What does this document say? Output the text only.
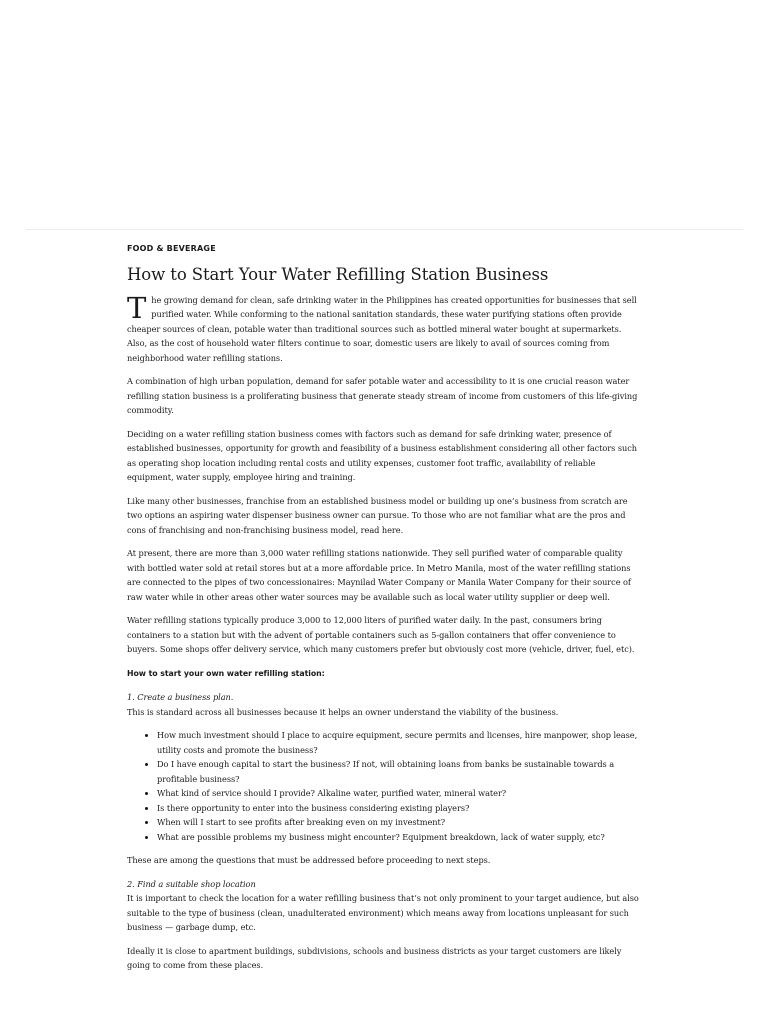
FOOD & BEVERAGE
How to Start Your Water Refilling Station Business

The growing demand for clean, safe drinking water in the Philippines has created opportunities for businesses that sell purified water. While conforming to the national sanitation standards, these water purifying stations often provide cheaper sources of clean, potable water than traditional sources such as bottled mineral water bought at supermarkets. Also, as the cost of household water filters continue to soar, domestic users are likely to avail of sources coming from neighborhood water refilling stations.

A combination of high urban population, demand for safer potable water and accessibility to it is one crucial reason water refilling station business is a proliferating business that generate steady stream of income from customers of this life-giving commodity.

Deciding on a water refilling station business comes with factors such as demand for safe drinking water, presence of established businesses, opportunity for growth and feasibility of a business establishment considering all other factors such as operating shop location including rental costs and utility expenses, customer foot traffic, availability of reliable equipment, water supply, employee hiring and training.

Like many other businesses, franchise from an established business model or building up one’s business from scratch are two options an aspiring water dispenser business owner can pursue. To those who are not familiar what are the pros and cons of franchising and non-franchising business model, read here.

At present, there are more than 3,000 water refilling stations nationwide. They sell purified water of comparable quality with bottled water sold at retail stores but at a more affordable price. In Metro Manila, most of the water refilling stations are connected to the pipes of two concessionaires: Maynilad Water Company or Manila Water Company for their source of raw water while in other areas other water sources may be available such as local water utility supplier or deep well.

Water refilling stations typically produce 3,000 to 12,000 liters of purified water daily. In the past, consumers bring containers to a station but with the advent of portable containers such as 5-gallon containers that offer convenience to buyers. Some shops offer delivery service, which many customers prefer but obviously cost more (vehicle, driver, fuel, etc).

How to start your own water refilling station:

1. Create a business plan.
This is standard across all businesses because it helps an owner understand the viability of the business.

• How much investment should I place to acquire equipment, secure permits and licenses, hire manpower, shop lease, utility costs and promote the business?
• Do I have enough capital to start the business? If not, will obtaining loans from banks be sustainable towards a profitable business?
• What kind of service should I provide? Alkaline water, purified water, mineral water?
• Is there opportunity to enter into the business considering existing players?
• When will I start to see profits after breaking even on my investment?
• What are possible problems my business might encounter? Equipment breakdown, lack of water supply, etc?

These are among the questions that must be addressed before proceeding to next steps.

2. Find a suitable shop location
It is important to check the location for a water refilling business that’s not only prominent to your target audience, but also suitable to the type of business (clean, unadulterated environment) which means away from locations unpleasant for such business — garbage dump, etc.

Ideally it is close to apartment buildings, subdivisions, schools and business districts as your target customers are likely going to come from these places.
